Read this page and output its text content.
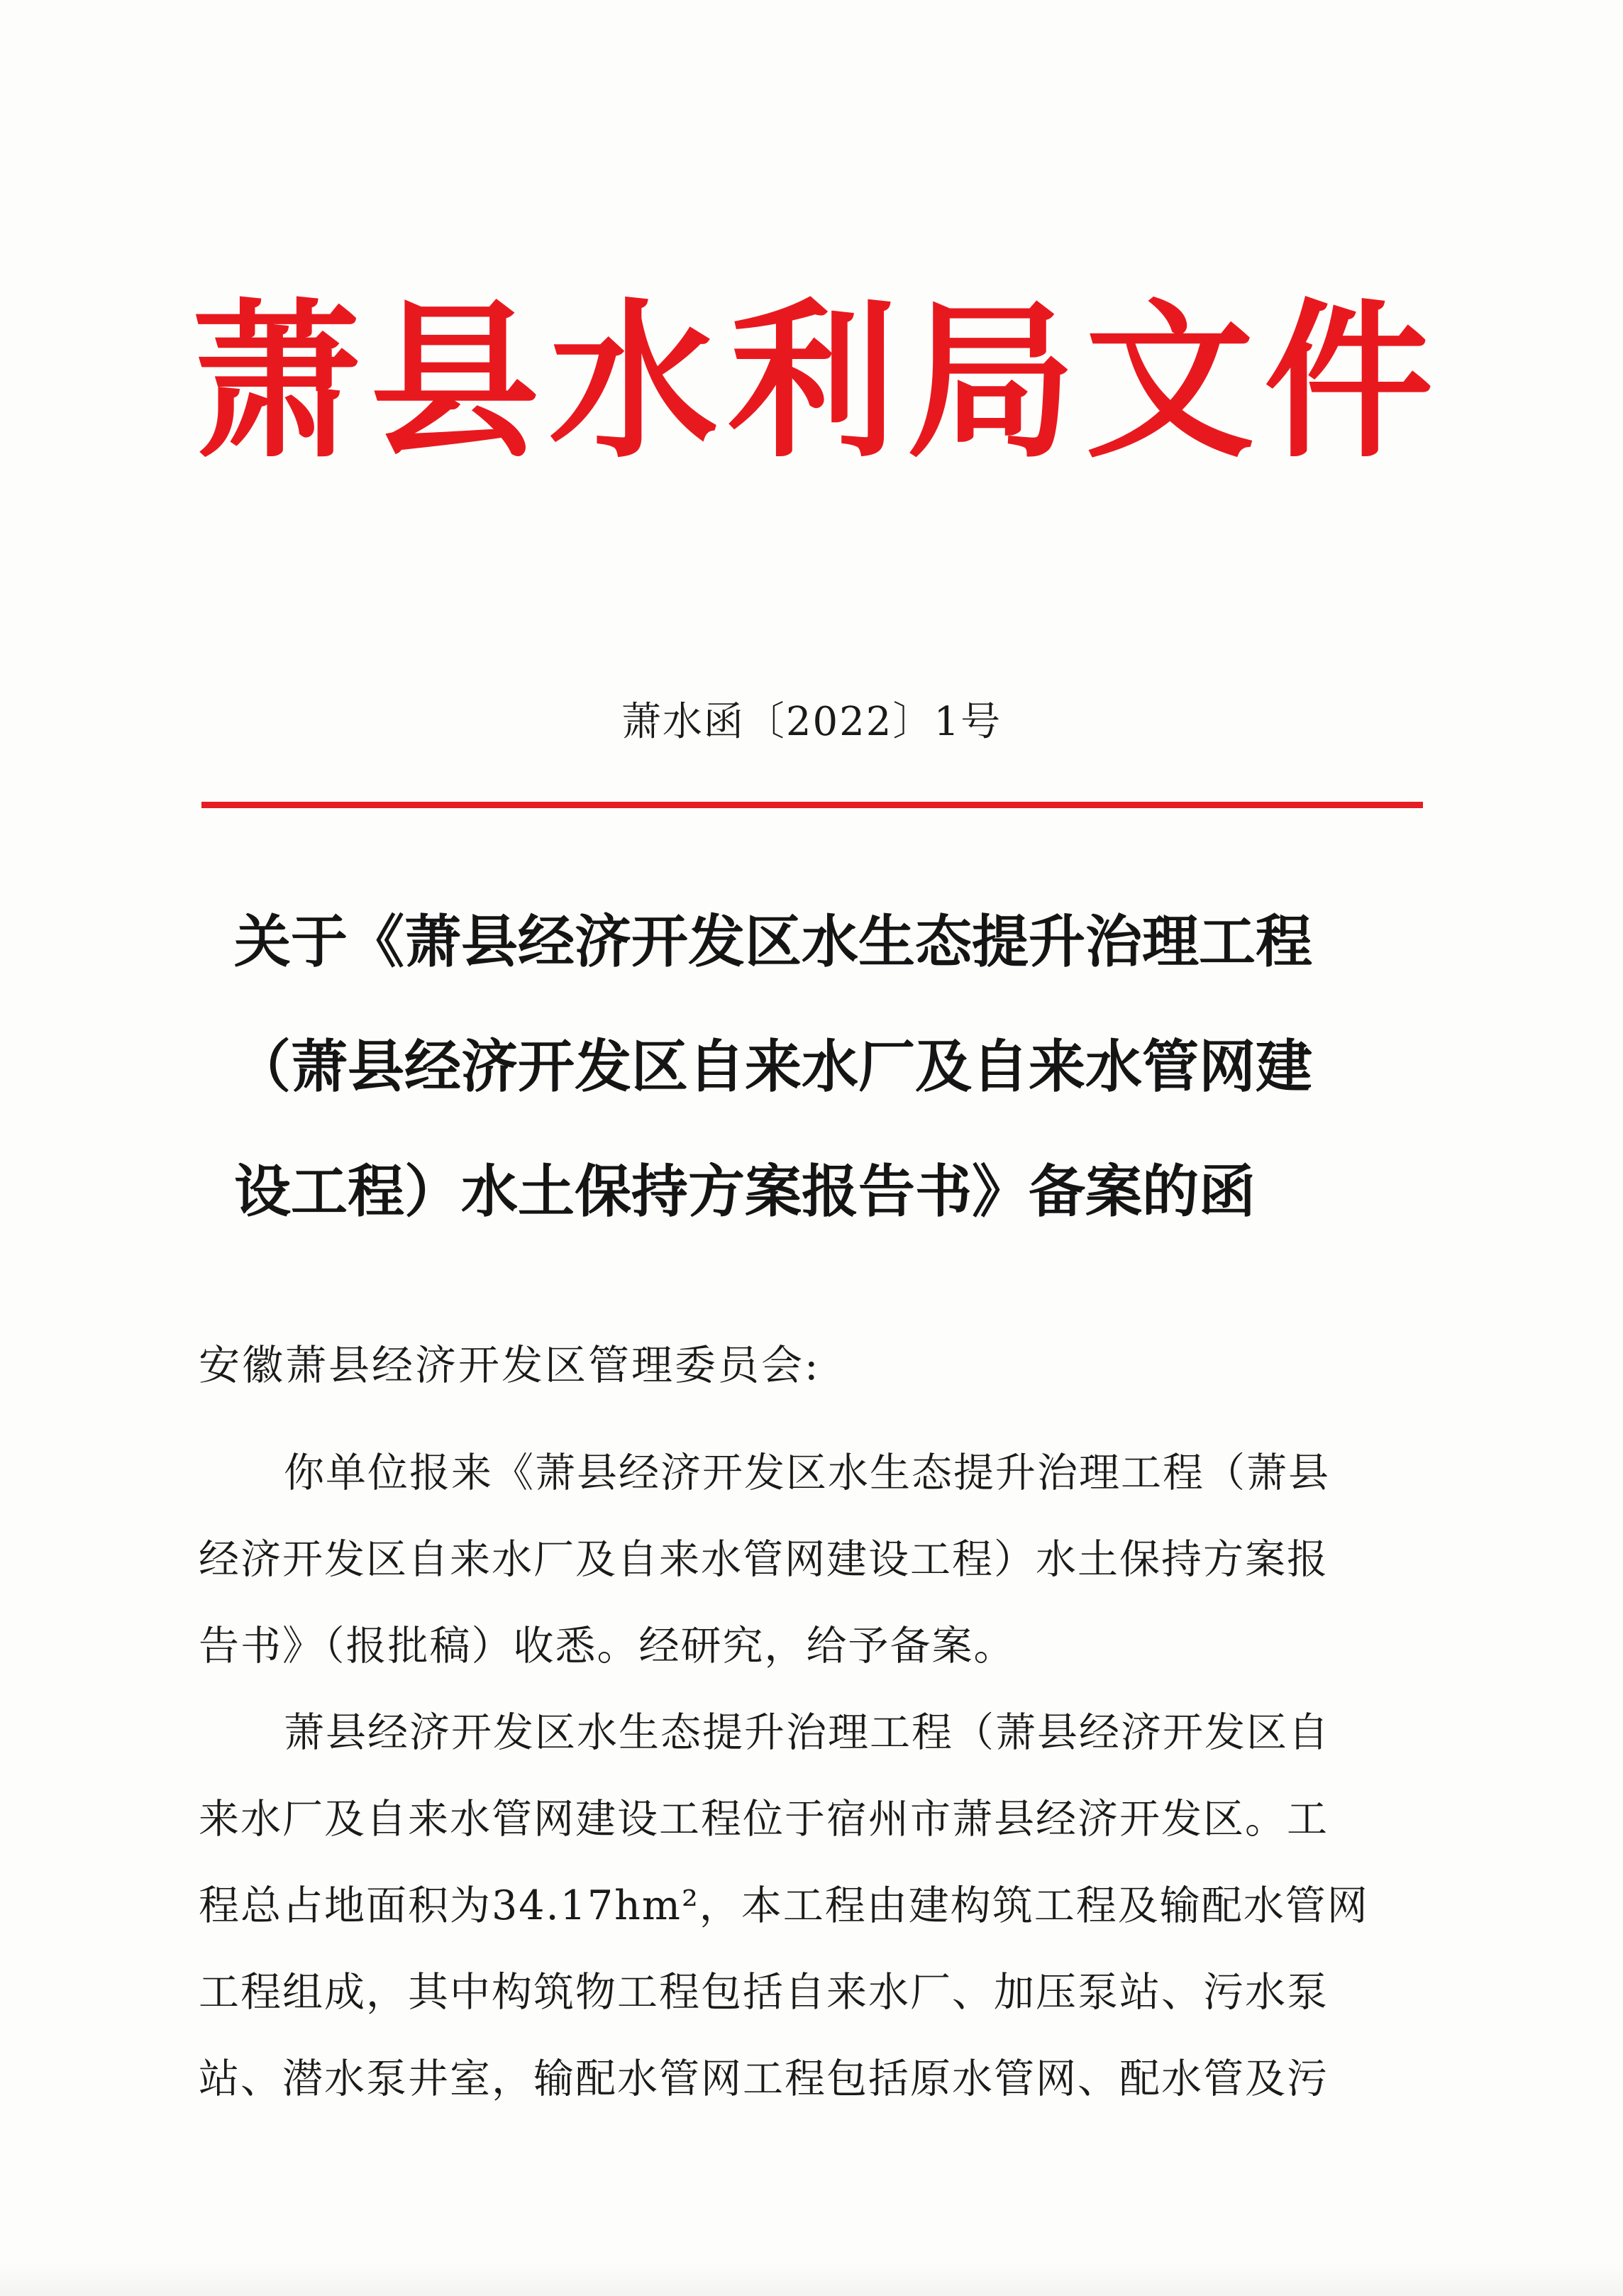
萧县水利局文件
萧水函〔2022〕1号
关于《萧县经济开发区水生态提升治理工程
（萧县经济开发区自来水厂及自来水管网建
设工程）水土保持方案报告书》备案的函
安徽萧县经济开发区管理委员会:
你单位报来《萧县经济开发区水生态提升治理工程（萧县
经济开发区自来水厂及自来水管网建设工程）水土保持方案报
告书》（报批稿）收悉。经研究，给予备案。
萧县经济开发区水生态提升治理工程（萧县经济开发区自
来水厂及自来水管网建设工程位于宿州市萧县经济开发区。工
程总占地面积为34.17hm²，本工程由建构筑工程及输配水管网
工程组成，其中构筑物工程包括自来水厂、加压泵站、污水泵
站、潜水泵井室，输配水管网工程包括原水管网、配水管及污
